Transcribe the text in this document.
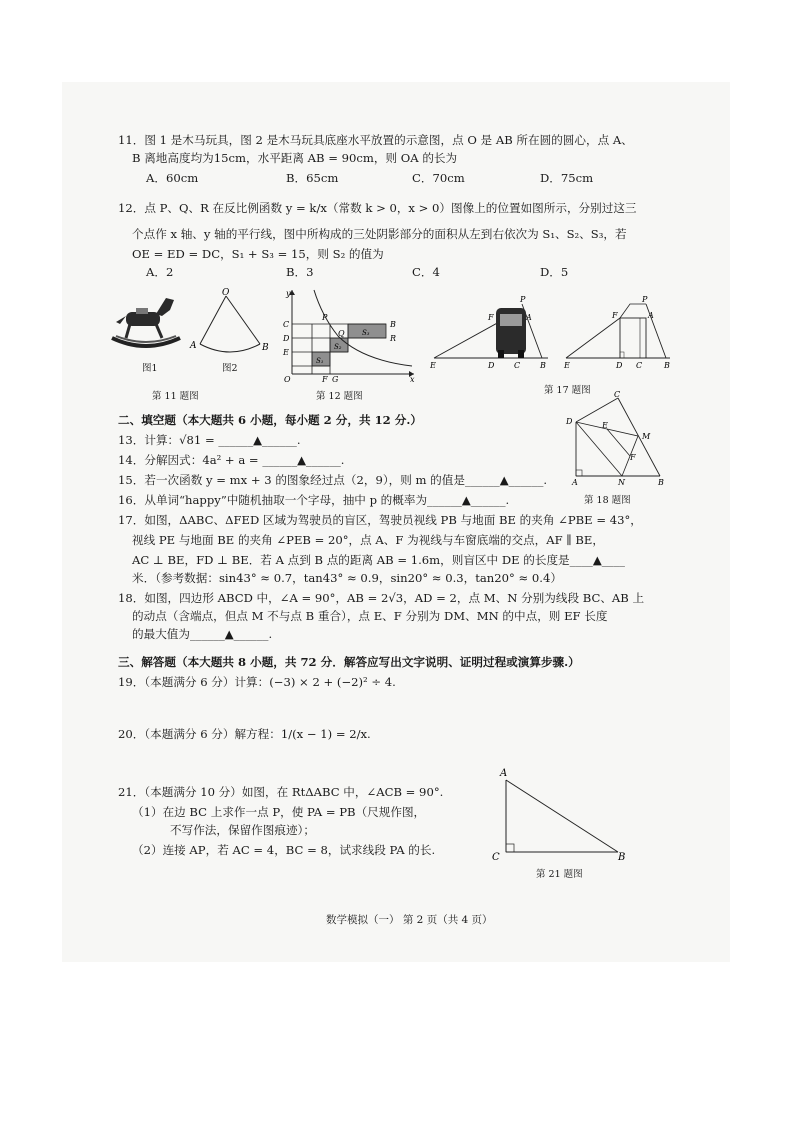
11．图 1 是木马玩具，图 2 是木马玩具底座水平放置的示意图，点 O 是 AB 所在圆的圆心，点 A、
B 离地高度均为15cm，水平距离 AB = 90cm，则 OA 的长为
A．60cm	B．65cm	C．70cm	D．75cm
12．点 P、Q、R 在反比例函数 y = k/x（常数 k > 0，x > 0）图像上的位置如图所示，分别过这三
个点作 x 轴、y 轴的平行线，图中所构成的三处阴影部分的面积从左到右依次为 S₁、S₂、S₃，若
OE = ED = DC，S₁ + S₃ = 15，则 S₂ 的值为
A．2	B．3	C．4	D．5
图1
O
A	B
图2
第 11 题图
y
x
C
D
E
O
P
Q S₃
S₂
S₁
B
R
F G
第 12 题图
E	D C B
F	A
P
E	D C	B
F	A
P
第 17 题图
二、填空题（本大题共 6 小题，每小题 2 分，共 12 分.）
13．计算：√81 = ______▲______.
14．分解因式：4a² + a = ______▲______.
15．若一次函数 y = mx + 3 的图象经过点（2，9），则 m 的值是______▲______.
16．从单词“happy”中随机抽取一个字母，抽中 p 的概率为______▲______.
C
D	E
M
F
A	N	B
第 18 题图
17．如图，ΔABC、ΔFED 区域为驾驶员的盲区，驾驶员视线 PB 与地面 BE 的夹角 ∠PBE = 43°，
视线 PE 与地面 BE 的夹角 ∠PEB = 20°，点 A、F 为视线与车窗底端的交点，AF ∥ BE，
AC ⊥ BE，FD ⊥ BE．若 A 点到 B 点的距离 AB = 1.6m，则盲区中 DE 的长度是____▲____
米．（参考数据：sin43° ≈ 0.7，tan43° ≈ 0.9，sin20° ≈ 0.3，tan20° ≈ 0.4）
18．如图，四边形 ABCD 中，∠A = 90°，AB = 2√3，AD = 2，点 M、N 分别为线段 BC、AB 上
的动点（含端点，但点 M 不与点 B 重合），点 E、F 分别为 DM、MN 的中点，则 EF 长度
的最大值为______▲______.
三、解答题（本大题共 8 小题，共 72 分．解答应写出文字说明、证明过程或演算步骤.）
19．（本题满分 6 分）计算：(−3) × 2 + (−2)² ÷ 4.
20．（本题满分 6 分）解方程：1/(x − 1) = 2/x.
21．（本题满分 10 分）如图，在 RtΔABC 中，∠ACB = 90°.
（1）在边 BC 上求作一点 P，使 PA = PB（尺规作图，
不写作法，保留作图痕迹）；
（2）连接 AP，若 AC = 4，BC = 8，试求线段 PA 的长.
A
C	B
第 21 题图
数学模拟（一） 第 2 页（共 4 页）
